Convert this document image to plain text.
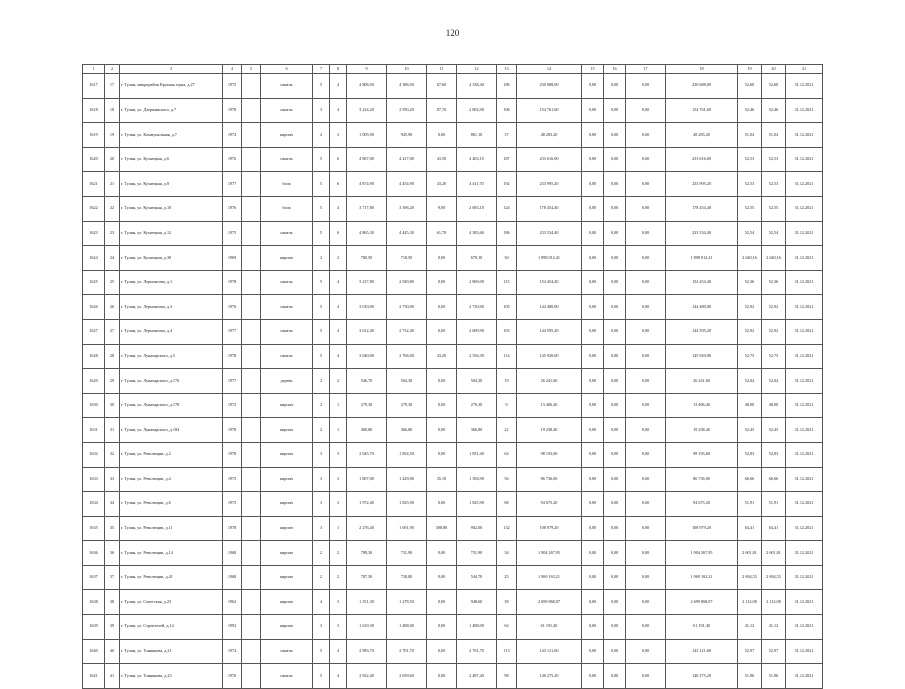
120
1	2	3	4	5	6	7	8	9	10	11	12	13	14	15	16	17	18	19	20	21
1617	17	г. Тулин, микрорайон Красная горка, д.27	1975		панель	5	4	4 806,00	4 386,00	67,60	4 338,40	186	230 688,00	0,00	0,00	0,00	230 688,00	52,60	52,60	31.12.2021
1618	18	г. Тулин, ул. Дзержинского, д.7	1978		панель	3	4	3 224,20	2 950,20	87,70	2 802,90	106	154 761,60	0,00	0,00	0,00	154 761,60	52,46	52,46	31.12.2021
1619	19	г. Тулин, ул. Коммунальная, д.7	1974		кирпич	2	3	1 005,90	945,90	0,00	861,10	37	48 283,20	0,00	0,00	0,00	48 283,20	51,04	51,04	31.12.2021
1620	20	г. Тулин, ул. Кузнецкая, д.6	1976		панель	5	6	4 867,00	4 417,00	43,50	4 403,10	187	233 616,00	0,00	0,00	0,00	233 616,00	52,53	52,53	31.12.2021
1621	21	г. Тулин, ул. Кузнецкая, д.8	1977		блок	5	6	4 874,90	4 454,90	43,20	4 411,70	192	233 995,20	0,00	0,00	0,00	233 995,20	52,53	52,53	31.12.2021
1622	22	г. Тулин, ул. Кузнецкая, д.10	1976		блок	5	4	3 717,80	3 396,20	9,00	2 683,10	124	178 454,40	0,00	0,00	0,00	178 454,40	52,55	52,55	31.12.2021
1623	23	г. Тулин, ул. Кузнецкая, д.12	1975		панель	5	6	4 865,30	4 445,30	61,70	4 383,60	186	233 534,40	0,00	0,00	0,00	233 534,40	52,54	52,54	31.12.2021
1624	24	г. Тулин, ул. Кузнецкая, д.38	1969		кирпич	2	2	780,50	718,50	0,00	679,10	30	1 898 012,41	0,00	0,00	0,00	1 898 012,41	2 640,16	2 640,16	31.12.2021
1625	25	г. Тулин, ул. Лермонтова, д.1	1978		панель	5	4	3 217,80	2 949,80	0,00	2 869,00	115	154 454,40	0,00	0,00	0,00	154 454,40	52,36	52,36	31.12.2021
1626	26	г. Тулин, ул. Лермонтова, д.3	1976		панель	5	4	3 010,00	2 730,00	0,00	2 730,00	105	144 480,00	0,00	0,00	0,00	144 480,00	52,92	52,92	31.12.2021
1627	27	г. Тулин, ул. Лермонтова, д.4	1977		панель	5	4	3 012,40	2 732,40	0,00	2 609,90	103	144 595,20	0,00	0,00	0,00	144 595,20	52,92	52,92	31.12.2021
1628	28	г. Тулин, ул. Луначарского, д.5	1978		панель	5	4	3 040,00	2 766,00	43,20	2 356,30	114	145 920,00	0,00	0,00	0,00	145 920,00	52,75	52,75	31.12.2021
1629	29	г. Тулин, ул. Луначарского, д.176	1977		дерево	2	2	546,70	504,30	0,00	504,30	19	26 241,60	0,00	0,00	0,00	26 241,60	52,04	52,04	31.12.2021
1630	30	г. Тулин, ул. Луначарского, д.178	1972		кирпич	2	1	279,30	279,30	0,00	279,30	9	13 406,40	0,00	0,00	0,00	13 406,40	48,00	48,00	31.12.2021
1631	31	г. Тулин, ул. Луначарского, д.184	1978		кирпич	2	1	400,80	366,80	0,00	366,80	22	19 238,40	0,00	0,00	0,00	19 238,40	52,45	52,45	31.12.2021
1632	32	г. Тулин, ул. Революции, д.2	1978		кирпич	3	3	2 045,70	1 854,50	0,00	1 851,40	64	98 193,60	0,00	0,00	0,00	98 193,60	52,83	52,83	31.12.2021
1633	33	г. Тулин, ул. Революции, д.4	1975		кирпич	3	3	1 807,00	1 429,00	35,10	1 394,90	56	86 736,00	0,00	0,00	0,00	86 736,00	60,66	60,66	31.12.2021
1634	34	г. Тулин, ул. Революции, д.6	1975		кирпич	3	3	1 972,40	1 825,90	0,00	1 825,90	68	94 675,20	0,00	0,00	0,00	94 675,20	51,91	51,91	31.12.2021
1635	35	г. Тулин, ул. Революции, д.11	1978		кирпич	3	1	2 276,40	1 691,90	308,80	902,00	132	108 979,20	0,00	0,00	0,00	108 979,20	64,41	64,41	31.12.2021
1636	36	г. Тулин, ул. Революции, д.14	1968		кирпич	2	2	788,30	731,90	0,00	731,90	34	1 904 267,95	0,00	0,00	0,00	1 904 267,95	2 601,81	2 601,81	31.12.2021
1637	37	г. Тулин, ул. Революции, д.41	1968		кирпич	2	2	787,50	730,80	0,00	544,70	25	1 969 163,21	0,00	0,00	0,00	1 969 163,21	2 694,53	2 694,53	31.12.2021
1638	38	г. Тулин, ул. Советская, д.23	1962		кирпич	4	3	1 351,30	1 278,50	0,00	948,60	38	2 699 868,07	0,00	0,00	0,00	2 699 868,07	2 112,08	2 112,08	31.12.2021
1639	39	г. Тулин, ул. Строителей, д.14	1992		кирпич	3	3	1 619,30	1 488,00	0,00	1 488,00	64	61 191,40	0,00	0,00	0,00	61 191,40	41,12	41,12	31.12.2021
1640	40	г. Тулин, ул. Тонникова, д.21	1974		панель	5	4	2 983,70	2 701,70	0,00	2 761,70	113	143 121,60	0,00	0,00	0,00	143 121,60	52,97	52,97	31.12.2021
1641	41	г. Тулин, ул. Тонникова, д.23	1976		панель	5	4	2 922,40	2 659,60	0,00	2 487,40	98	140 275,20	0,00	0,00	0,00	140 275,20	51,96	51,96	31.12.2021
